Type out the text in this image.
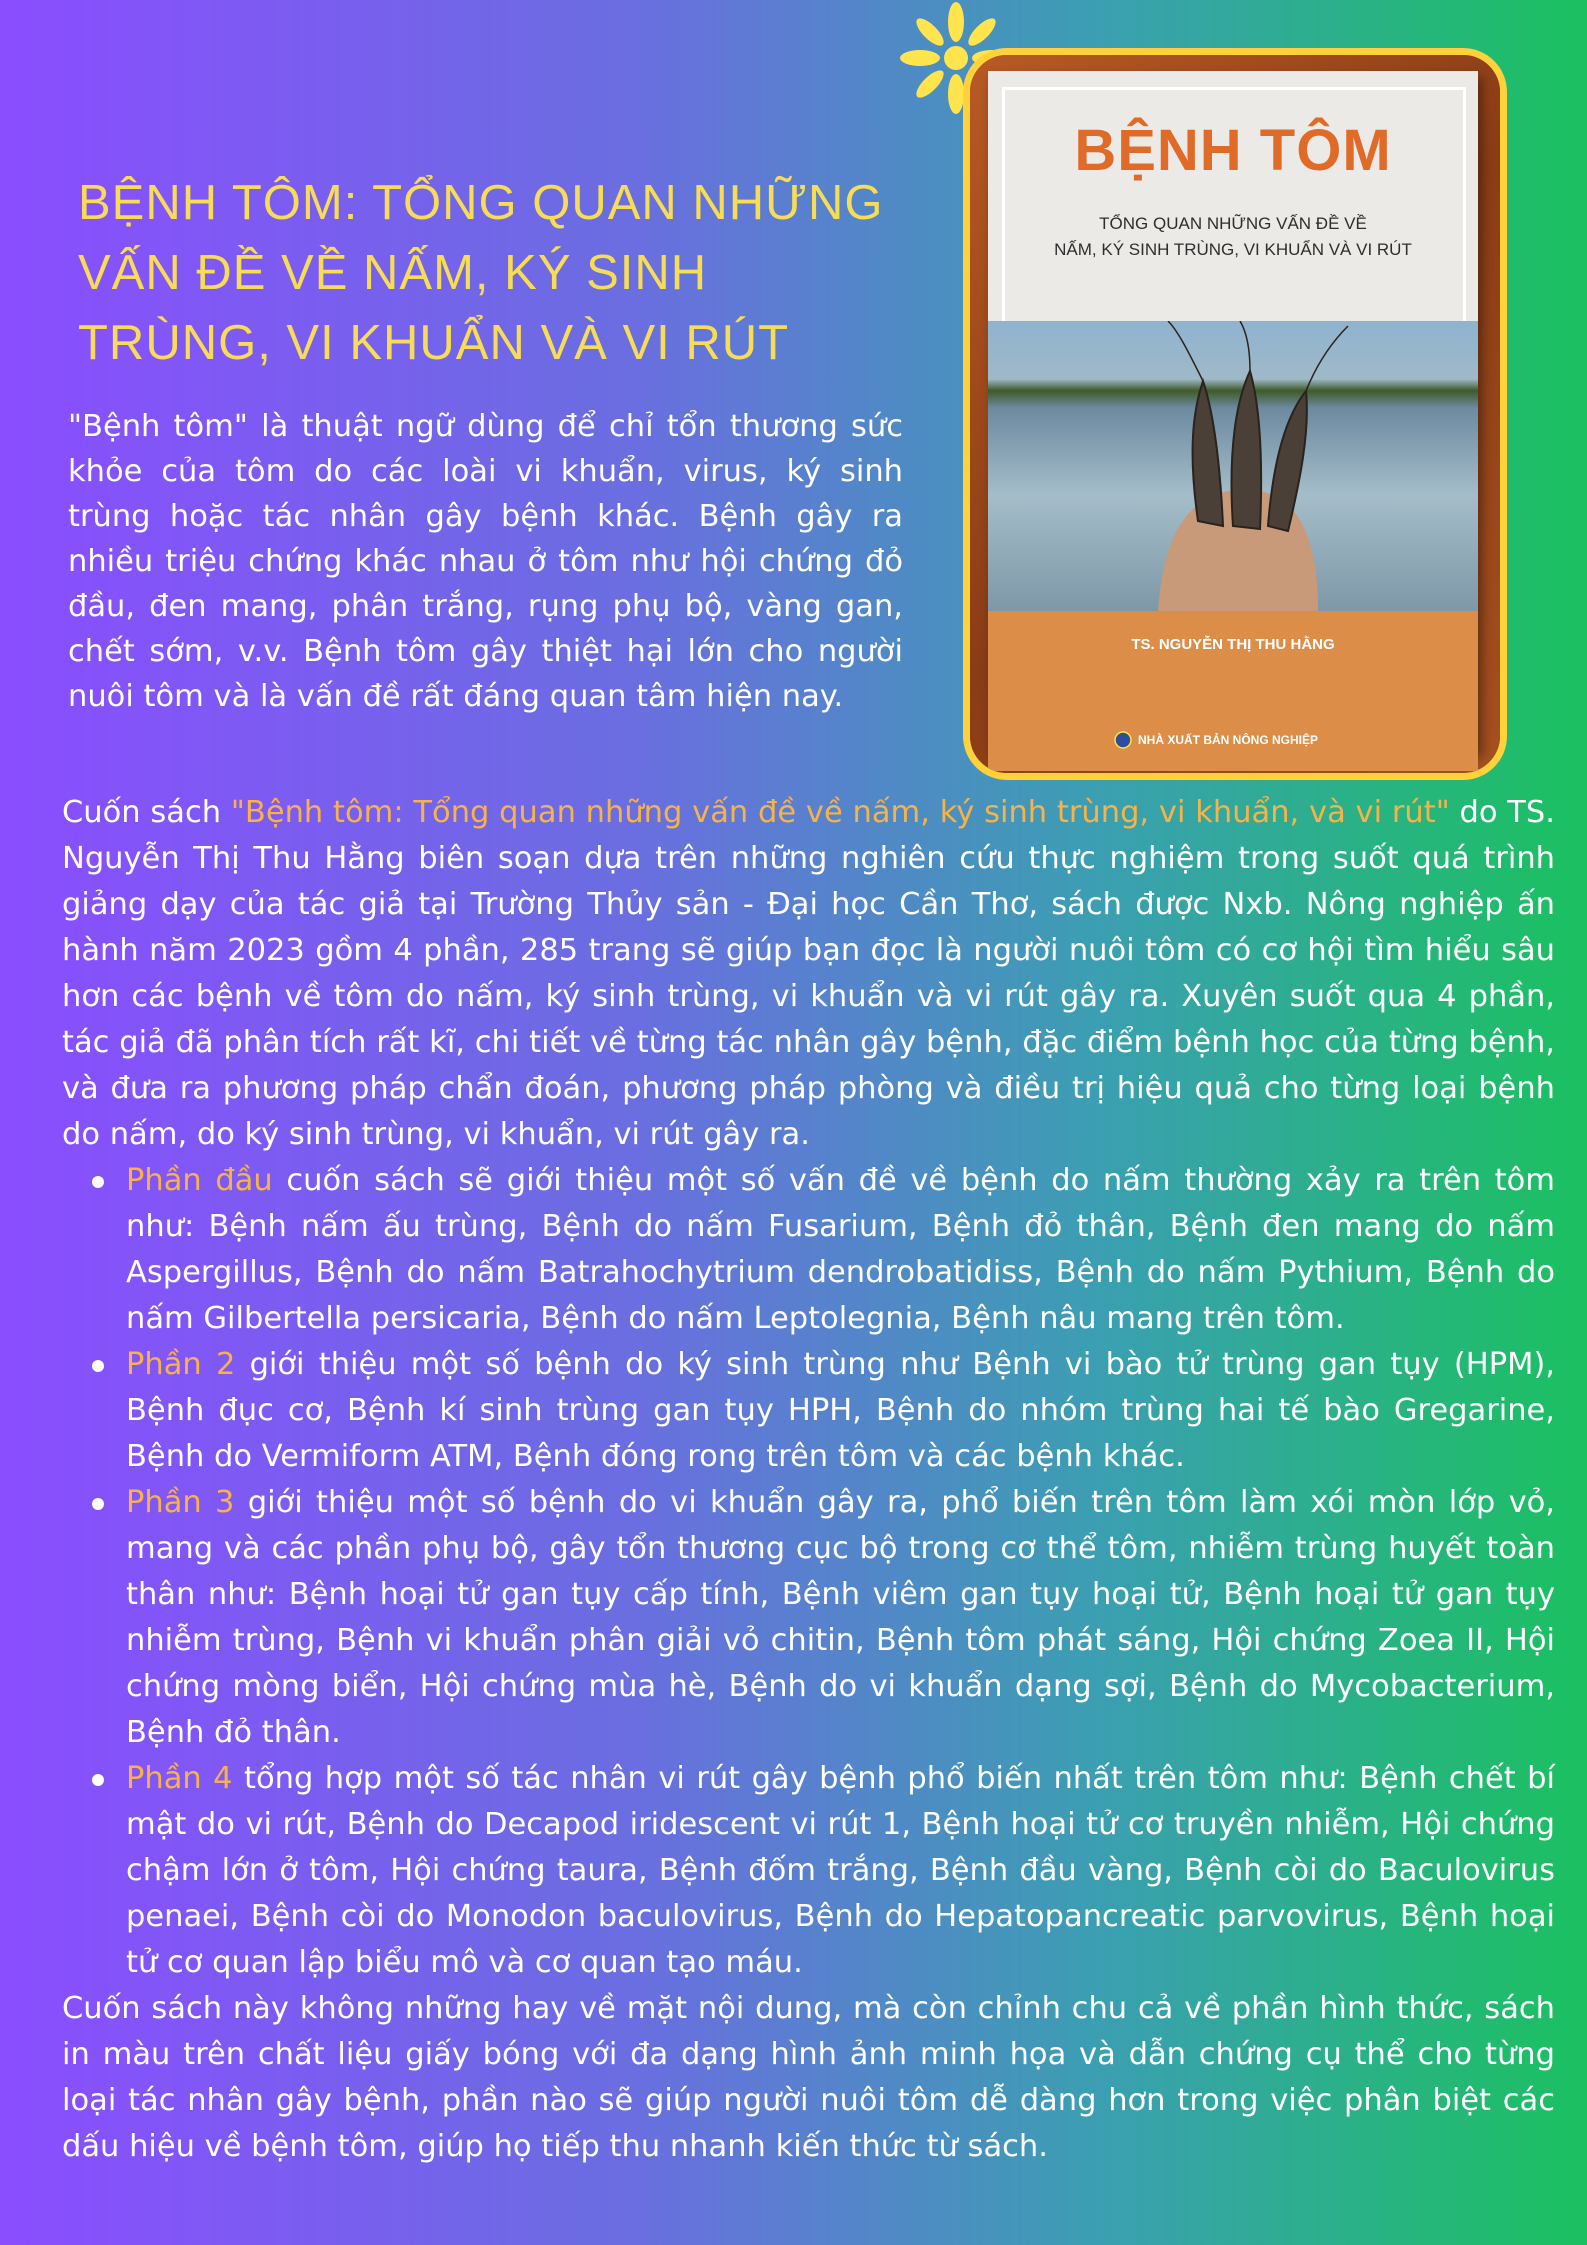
BỆNH TÔM: TỔNG QUAN NHỮNG VẤN ĐỀ VỀ NẤM, KÝ SINH TRÙNG, VI KHUẨN VÀ VI RÚT
"Bệnh tôm" là thuật ngữ dùng để chỉ tổn thương sức khỏe của tôm do các loài vi khuẩn, virus, ký sinh trùng hoặc tác nhân gây bệnh khác. Bệnh gây ra nhiều triệu chứng khác nhau ở tôm như hội chứng đỏ đầu, đen mang, phân trắng, rụng phụ bộ, vàng gan, chết sớm, v.v. Bệnh tôm gây thiệt hại lớn cho người nuôi tôm và là vấn đề rất đáng quan tâm hiện nay.
BỆNH TÔM
TỔNG QUAN NHỮNG VẤN ĐỀ VỀ
NẤM, KÝ SINH TRÙNG, VI KHUẨN VÀ VI RÚT
TS. NGUYỄN THỊ THU HẰNG
NHÀ XUẤT BẢN NÔNG NGHIỆP

Cuốn sách "Bệnh tôm: Tổng quan những vấn đề về nấm, ký sinh trùng, vi khuẩn, và vi rút" do TS. Nguyễn Thị Thu Hằng biên soạn dựa trên những nghiên cứu thực nghiệm trong suốt quá trình giảng dạy của tác giả tại Trường Thủy sản - Đại học Cần Thơ, sách được Nxb. Nông nghiệp ấn hành năm 2023 gồm 4 phần, 285 trang sẽ giúp bạn đọc là người nuôi tôm có cơ hội tìm hiểu sâu hơn các bệnh về tôm do nấm, ký sinh trùng, vi khuẩn và vi rút gây ra. Xuyên suốt qua 4 phần, tác giả đã phân tích rất kĩ, chi tiết về từng tác nhân gây bệnh, đặc điểm bệnh học của từng bệnh, và đưa ra phương pháp chẩn đoán, phương pháp phòng và điều trị hiệu quả cho từng loại bệnh do nấm, do ký sinh trùng, vi khuẩn, vi rút gây ra.

Phần đầu cuốn sách sẽ giới thiệu một số vấn đề về bệnh do nấm thường xảy ra trên tôm như: Bệnh nấm ấu trùng, Bệnh do nấm Fusarium, Bệnh đỏ thân, Bệnh đen mang do nấm Aspergillus, Bệnh do nấm Batrahochytrium dendrobatidiss, Bệnh do nấm Pythium, Bệnh do nấm Gilbertella persicaria, Bệnh do nấm Leptolegnia, Bệnh nâu mang trên tôm.
Phần 2 giới thiệu một số bệnh do ký sinh trùng như Bệnh vi bào tử trùng gan tụy (HPM), Bệnh đục cơ, Bệnh kí sinh trùng gan tụy HPH, Bệnh do nhóm trùng hai tế bào Gregarine, Bệnh do Vermiform ATM, Bệnh đóng rong trên tôm và các bệnh khác.
Phần 3 giới thiệu một số bệnh do vi khuẩn gây ra, phổ biến trên tôm làm xói mòn lớp vỏ, mang và các phần phụ bộ, gây tổn thương cục bộ trong cơ thể tôm, nhiễm trùng huyết toàn thân như: Bệnh hoại tử gan tụy cấp tính, Bệnh viêm gan tụy hoại tử, Bệnh hoại tử gan tụy nhiễm trùng, Bệnh vi khuẩn phân giải vỏ chitin, Bệnh tôm phát sáng, Hội chứng Zoea II, Hội chứng mòng biển, Hội chứng mùa hè, Bệnh do vi khuẩn dạng sợi, Bệnh do Mycobacterium, Bệnh đỏ thân.
Phần 4 tổng hợp một số tác nhân vi rút gây bệnh phổ biến nhất trên tôm như: Bệnh chết bí mật do vi rút, Bệnh do Decapod iridescent vi rút 1, Bệnh hoại tử cơ truyền nhiễm, Hội chứng chậm lớn ở tôm, Hội chứng taura, Bệnh đốm trắng, Bệnh đầu vàng, Bệnh còi do Baculovirus penaei, Bệnh còi do Monodon baculovirus, Bệnh do Hepatopancreatic parvovirus, Bệnh hoại tử cơ quan lập biểu mô và cơ quan tạo máu.

Cuốn sách này không những hay về mặt nội dung, mà còn chỉnh chu cả về phần hình thức, sách in màu trên chất liệu giấy bóng với đa dạng hình ảnh minh họa và dẫn chứng cụ thể cho từng loại tác nhân gây bệnh, phần nào sẽ giúp người nuôi tôm dễ dàng hơn trong việc phân biệt các dấu hiệu về bệnh tôm, giúp họ tiếp thu nhanh kiến thức từ sách.
